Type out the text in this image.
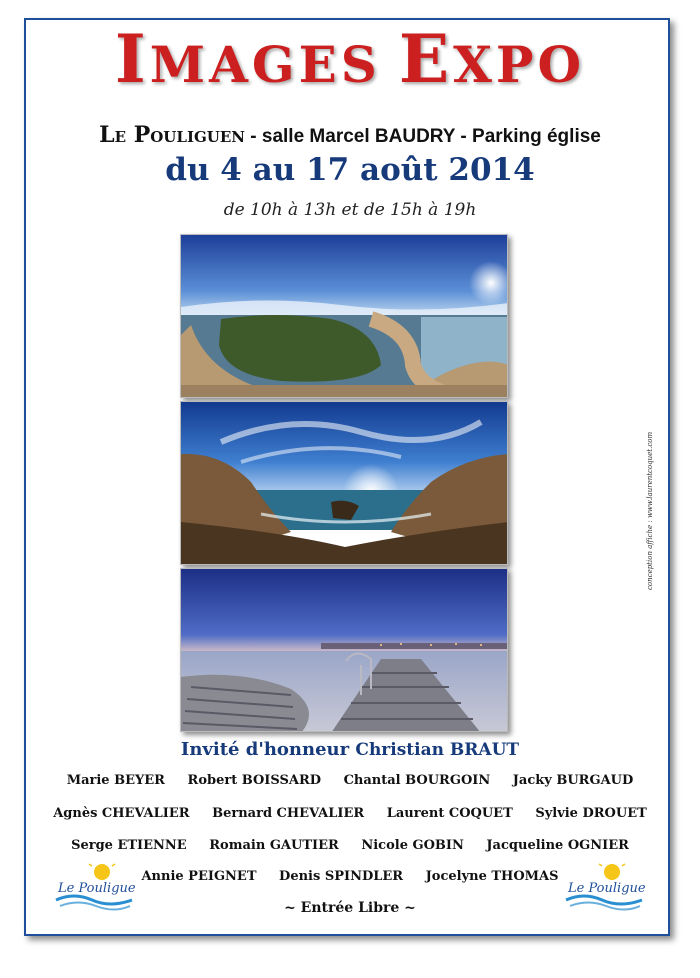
IMAGES EXPO
Le Pouliguen - salle Marcel BAUDRY - Parking église
du 4 au 17 août 2014
de 10h à 13h et de 15h à 19h
conception affiche : www.laurentcoquet.com
Invité d'honneur Christian BRAUT
Marie BEYER Robert BOISSARD Chantal BOURGOIN Jacky BURGAUD
Agnès CHEVALIER Bernard CHEVALIER Laurent COQUET Sylvie DROUET
Serge ETIENNE Romain GAUTIER Nicole GOBIN Jacqueline OGNIER
Annie PEIGNET Denis SPINDLER Jocelyne THOMAS
~ Entrée Libre ~
Le Pouliguen	Le Pouliguen
